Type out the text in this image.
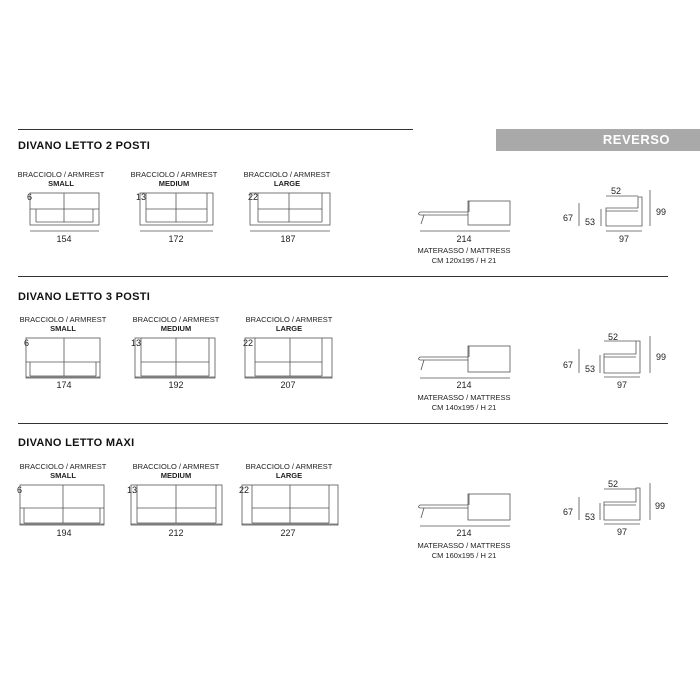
REVERSO
DIVANO LETTO 2 POSTI
BRACCIOLO / ARMREST
SMALL
BRACCIOLO / ARMREST
MEDIUM
BRACCIOLO / ARMREST
LARGE
6	13	22
154	172	187	214
MATERASSO / MATTRESS
CM 120x195 / H 21
52
67 53
99
97
DIVANO LETTO 3 POSTI
BRACCIOLO / ARMREST
SMALL
BRACCIOLO / ARMREST
MEDIUM
BRACCIOLO / ARMREST
LARGE
6	13	22
174	192	207	214
MATERASSO / MATTRESS
CM 140x195 / H 21
52
67 53
99
97
DIVANO LETTO MAXI
BRACCIOLO / ARMREST
SMALL
BRACCIOLO / ARMREST
MEDIUM
BRACCIOLO / ARMREST
LARGE
6	13	22
194	212	227	214
MATERASSO / MATTRESS
CM 160x195 / H 21
52
67 53
99
97
